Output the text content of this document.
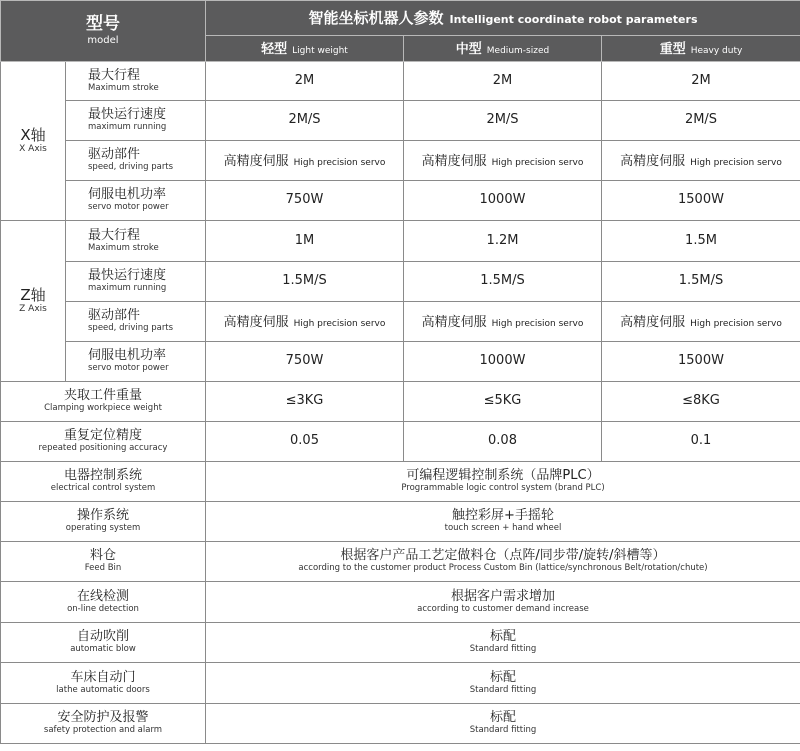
型号
model		智能坐标机器人参数 Intelligent coordinate robot parameters		
		轻型 Light weight	中型 Medium-sized	重型 Heavy duty

X轴
X Axis	最大行程
Maximum stroke	2M	2M	2M

	最快运行速度
maximum running	2M/S	2M/S	2M/S

	驱动部件
speed, driving parts	高精度伺服 High precision servo	高精度伺服 High precision servo	高精度伺服 High precision servo

	伺服电机功率
servo motor power	750W	1000W	1500W

Z轴
Z Axis	最大行程
Maximum stroke	1M	1.2M	1.5M

	最快运行速度
maximum running	1.5M/S	1.5M/S	1.5M/S

	驱动部件
speed, driving parts	高精度伺服 High precision servo	高精度伺服 High precision servo	高精度伺服 High precision servo

	伺服电机功率
servo motor power	750W	1000W	1500W

夹取工件重量
Clamping workpiece weight		≤3KG	≤5KG	≤8KG

重复定位精度
repeated positioning accuracy		0.05	0.08	0.1

电器控制系统
electrical control system		可编程逻辑控制系统（品牌PLC）
Programmable logic control system (brand PLC)		

操作系统
operating system		触控彩屏+手摇轮
touch screen + hand wheel		

料仓
Feed Bin		根据客户产品工艺定做料仓（点阵/同步带/旋转/斜槽等）
according to the customer product Process Custom Bin (lattice/synchronous Belt/rotation/chute)		

在线检测
on-line detection		根据客户需求增加
according to customer demand increase		

自动吹削
automatic blow		标配
Standard fitting		

车床自动门
lathe automatic doors		标配
Standard fitting		

安全防护及报警
safety protection and alarm		标配
Standard fitting		
